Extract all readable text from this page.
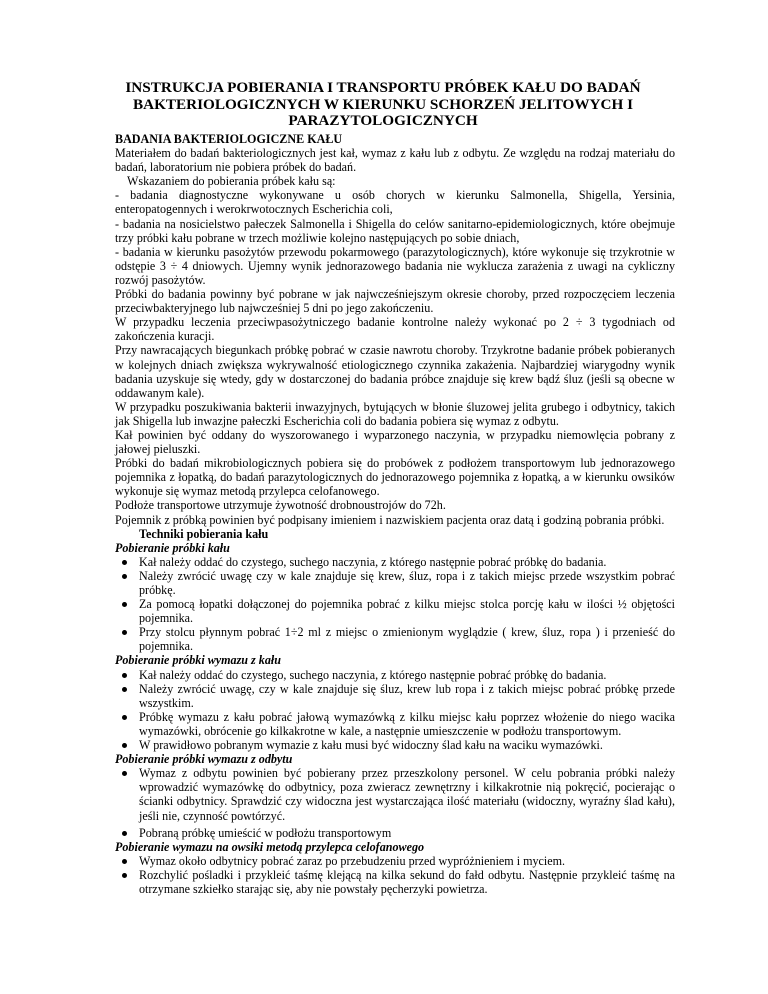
INSTRUKCJA POBIERANIA I TRANSPORTU PRÓBEK KAŁU DO BADAŃ BAKTERIOLOGICZNYCH W KIERUNKU SCHORZEŃ JELITOWYCH I PARAZYTOLOGICZNYCH
BADANIA BAKTERIOLOGICZNE KAŁU
Materiałem do badań bakteriologicznych jest kał, wymaz z kału lub z odbytu. Ze względu na rodzaj materiału do badań, laboratorium nie pobiera próbek do badań.
Wskazaniem do pobierania próbek kału są:
- badania diagnostyczne wykonywane u osób chorych w kierunku Salmonella, Shigella, Yersinia, enteropatogennych i werokrwotocznych Escherichia coli,
- badania na nosicielstwo pałeczek Salmonella i Shigella do celów sanitarno-epidemiologicznych, które obejmuje trzy próbki kału pobrane w trzech możliwie kolejno następujących po sobie dniach,
- badania w kierunku pasożytów przewodu pokarmowego (parazytologicznych), które wykonuje się trzykrotnie w odstępie 3 ÷ 4 dniowych. Ujemny wynik jednorazowego badania nie wyklucza zarażenia z uwagi na cykliczny rozwój pasożytów.
Próbki do badania powinny być pobrane w jak najwcześniejszym okresie choroby, przed rozpoczęciem leczenia przeciwbakteryjnego lub najwcześniej 5 dni po jego zakończeniu.
W przypadku leczenia przeciwpasożytniczego badanie kontrolne należy wykonać po 2 ÷ 3 tygodniach od zakończenia kuracji.
Przy nawracających biegunkach próbkę pobrać w czasie nawrotu choroby. Trzykrotne badanie próbek pobieranych w kolejnych dniach zwiększa wykrywalność etiologicznego czynnika zakażenia. Najbardziej wiarygodny wynik badania uzyskuje się wtedy, gdy w dostarczonej do badania próbce znajduje się krew bądź śluz (jeśli są obecne w oddawanym kale).
W przypadku poszukiwania bakterii inwazyjnych, bytujących w błonie śluzowej jelita grubego i odbytnicy, takich jak Shigella lub inwazjne pałeczki Escherichia coli do badania pobiera się wymaz z odbytu.
Kał powinien być oddany do wyszorowanego i wyparzonego naczynia, w przypadku niemowlęcia pobrany z jałowej pieluszki.
Próbki do badań mikrobiologicznych pobiera się do probówek z podłożem transportowym lub jednorazowego pojemnika z łopatką, do badań parazytologicznych do jednorazowego pojemnika z łopatką, a w kierunku owsików wykonuje się wymaz metodą przylepca celofanowego.
Podłoże transportowe utrzymuje żywotność drobnoustrojów do 72h.
Pojemnik z próbką powinien być podpisany imieniem i nazwiskiem pacjenta oraz datą i godziną pobrania próbki.
Techniki pobierania kału
Pobieranie próbki kału
Kał należy oddać do czystego, suchego naczynia, z którego następnie pobrać próbkę do badania.
Należy zwrócić uwagę czy w kale znajduje się krew, śluz, ropa i z takich miejsc przede wszystkim pobrać próbkę.
Za pomocą łopatki dołączonej do pojemnika pobrać z kilku miejsc stolca porcję kału w ilości ½ objętości pojemnika.
Przy stolcu płynnym pobrać 1÷2 ml z miejsc o zmienionym wyglądzie ( krew, śluz, ropa ) i przenieść do pojemnika.
Pobieranie próbki wymazu z kału
Kał należy oddać do czystego, suchego naczynia, z którego następnie pobrać próbkę do badania.
Należy zwrócić uwagę, czy w kale znajduje się śluz, krew lub ropa i z takich miejsc pobrać próbkę przede wszystkim.
Próbkę wymazu z kału pobrać jałową wymazówką z kilku miejsc kału poprzez włożenie do niego wacika wymazówki, obrócenie go kilkakrotne w kale, a następnie umieszczenie w podłożu transportowym.
W prawidłowo pobranym wymazie z kału musi być widoczny ślad kału na waciku wymazówki.
Pobieranie próbki wymazu z odbytu
Wymaz z odbytu powinien być pobierany przez przeszkolony personel. W celu pobrania próbki należy wprowadzić wymazówkę do odbytnicy, poza zwieracz zewnętrzny i kilkakrotnie nią pokręcić, pocierając o ścianki odbytnicy. Sprawdzić czy widoczna jest wystarczająca ilość materiału (widoczny, wyraźny ślad kału), jeśli nie, czynność powtórzyć.
Pobraną próbkę umieścić w podłożu transportowym
Pobieranie wymazu na owsiki metodą przylepca celofanowego
Wymaz około odbytnicy pobrać zaraz po przebudzeniu przed wypróżnieniem i myciem.
Rozchylić pośladki i przykleić taśmę klejącą na kilka sekund do fałd odbytu. Następnie przykleić taśmę na otrzymane szkiełko starając się, aby nie powstały pęcherzyki powietrza.
